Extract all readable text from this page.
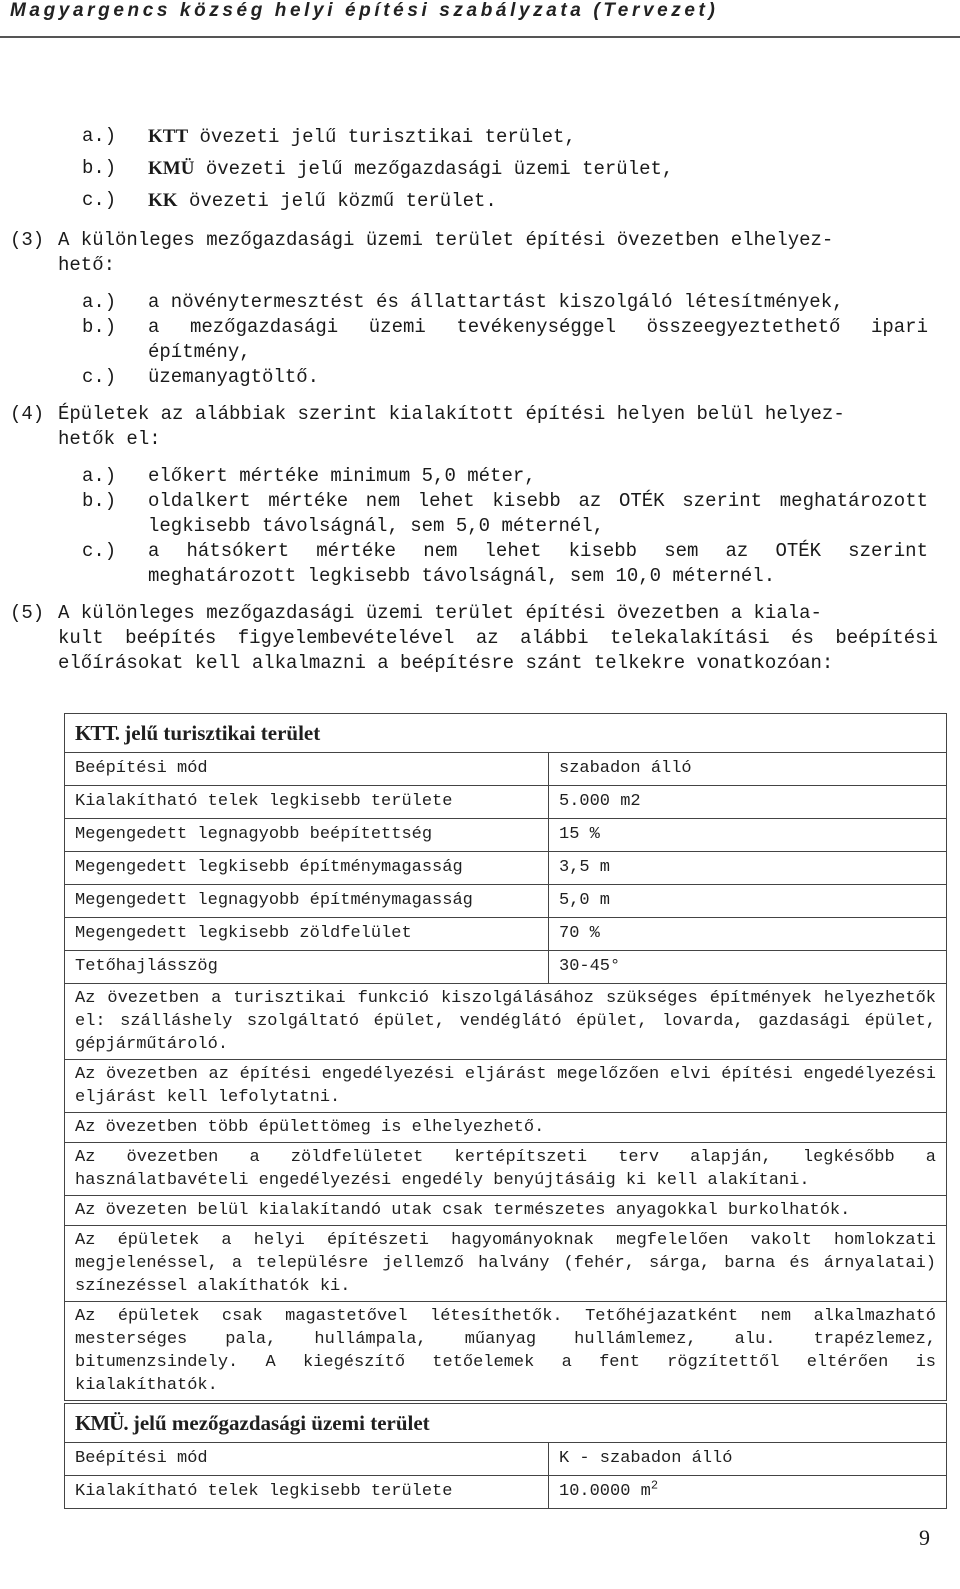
Magyargencs község helyi építési szabályzata (Tervezet)
a.) KTT övezeti jelű turisztikai terület,
b.) KMÜ övezeti jelű mezőgazdasági üzemi terület,
c.) KK övezeti jelű közmű terület.
(3) A különleges mezőgazdasági üzemi terület építési övezetben elhelyez-
hető:
a.) a növénytermesztést és állattartást kiszolgáló létesítmények,
b.) a mezőgazdasági üzemi tevékenységgel összeegyeztethető ipari építmény,
c.) üzemanyagtöltő.
(4) Épületek az alábbiak szerint kialakított építési helyen belül helyez-
hetők el:
a.) előkert mértéke minimum 5,0 méter,
b.) oldalkert mértéke nem lehet kisebb az OTÉK szerint meghatározott legkisebb távolságnál, sem 5,0 méternél,
c.) a hátsókert mértéke nem lehet kisebb sem az OTÉK szerint meghatározott legkisebb távolságnál, sem 10,0 méternél.
(5) A különleges mezőgazdasági üzemi terület építési övezetben a kiala-
kult beépítés figyelembevételével az alábbi telekalakítási és beépítési előírásokat kell alkalmazni a beépítésre szánt telkekre vonatkozóan:
KTT. jelű turisztikai terület	
Beépítési mód	szabadon álló
Kialakítható telek legkisebb területe	5.000 m2
Megengedett legnagyobb beépítettség	15 %
Megengedett legkisebb építménymagasság	3,5 m
Megengedett legnagyobb építménymagasság	5,0 m
Megengedett legkisebb zöldfelület	70 %
Tetőhajlásszög	30-45°
Az övezetben a turisztikai funkció kiszolgálásához szükséges építmények helyezhetők el: szálláshely szolgáltató épület, vendéglátó épület, lovarda, gazdasági épület, gépjárműtároló.	
Az övezetben az építési engedélyezési eljárást megelőzően elvi építési engedélyezési eljárást kell lefolytatni.	
Az övezetben több épülettömeg is elhelyezhető.	
Az övezetben a zöldfelületet kertépítszeti terv alapján, legkésőbb a használatbavételi engedélyezési engedély benyújtásáig ki kell alakítani.	
Az övezeten belül kialakítandó utak csak természetes anyagokkal burkolhatók.	
Az épületek a helyi építészeti hagyományoknak megfelelően vakolt homlokzati megjelenéssel, a településre jellemző halvány (fehér, sárga, barna és árnyalatai) színezéssel alakíthatók ki.	
Az épületek csak magastetővel létesíthetők. Tetőhéjazatként nem alkalmazható mesterséges pala, hullámpala, műanyag hullámlemez, alu. trapézlemez, bitumenzsindely. A kiegészítő tetőelemek a fent rögzítettől eltérően is kialakíthatók.	
KMÜ. jelű mezőgazdasági üzemi terület	
Beépítési mód	K - szabadon álló
Kialakítható telek legkisebb területe	10.0000 $m^2$
9
